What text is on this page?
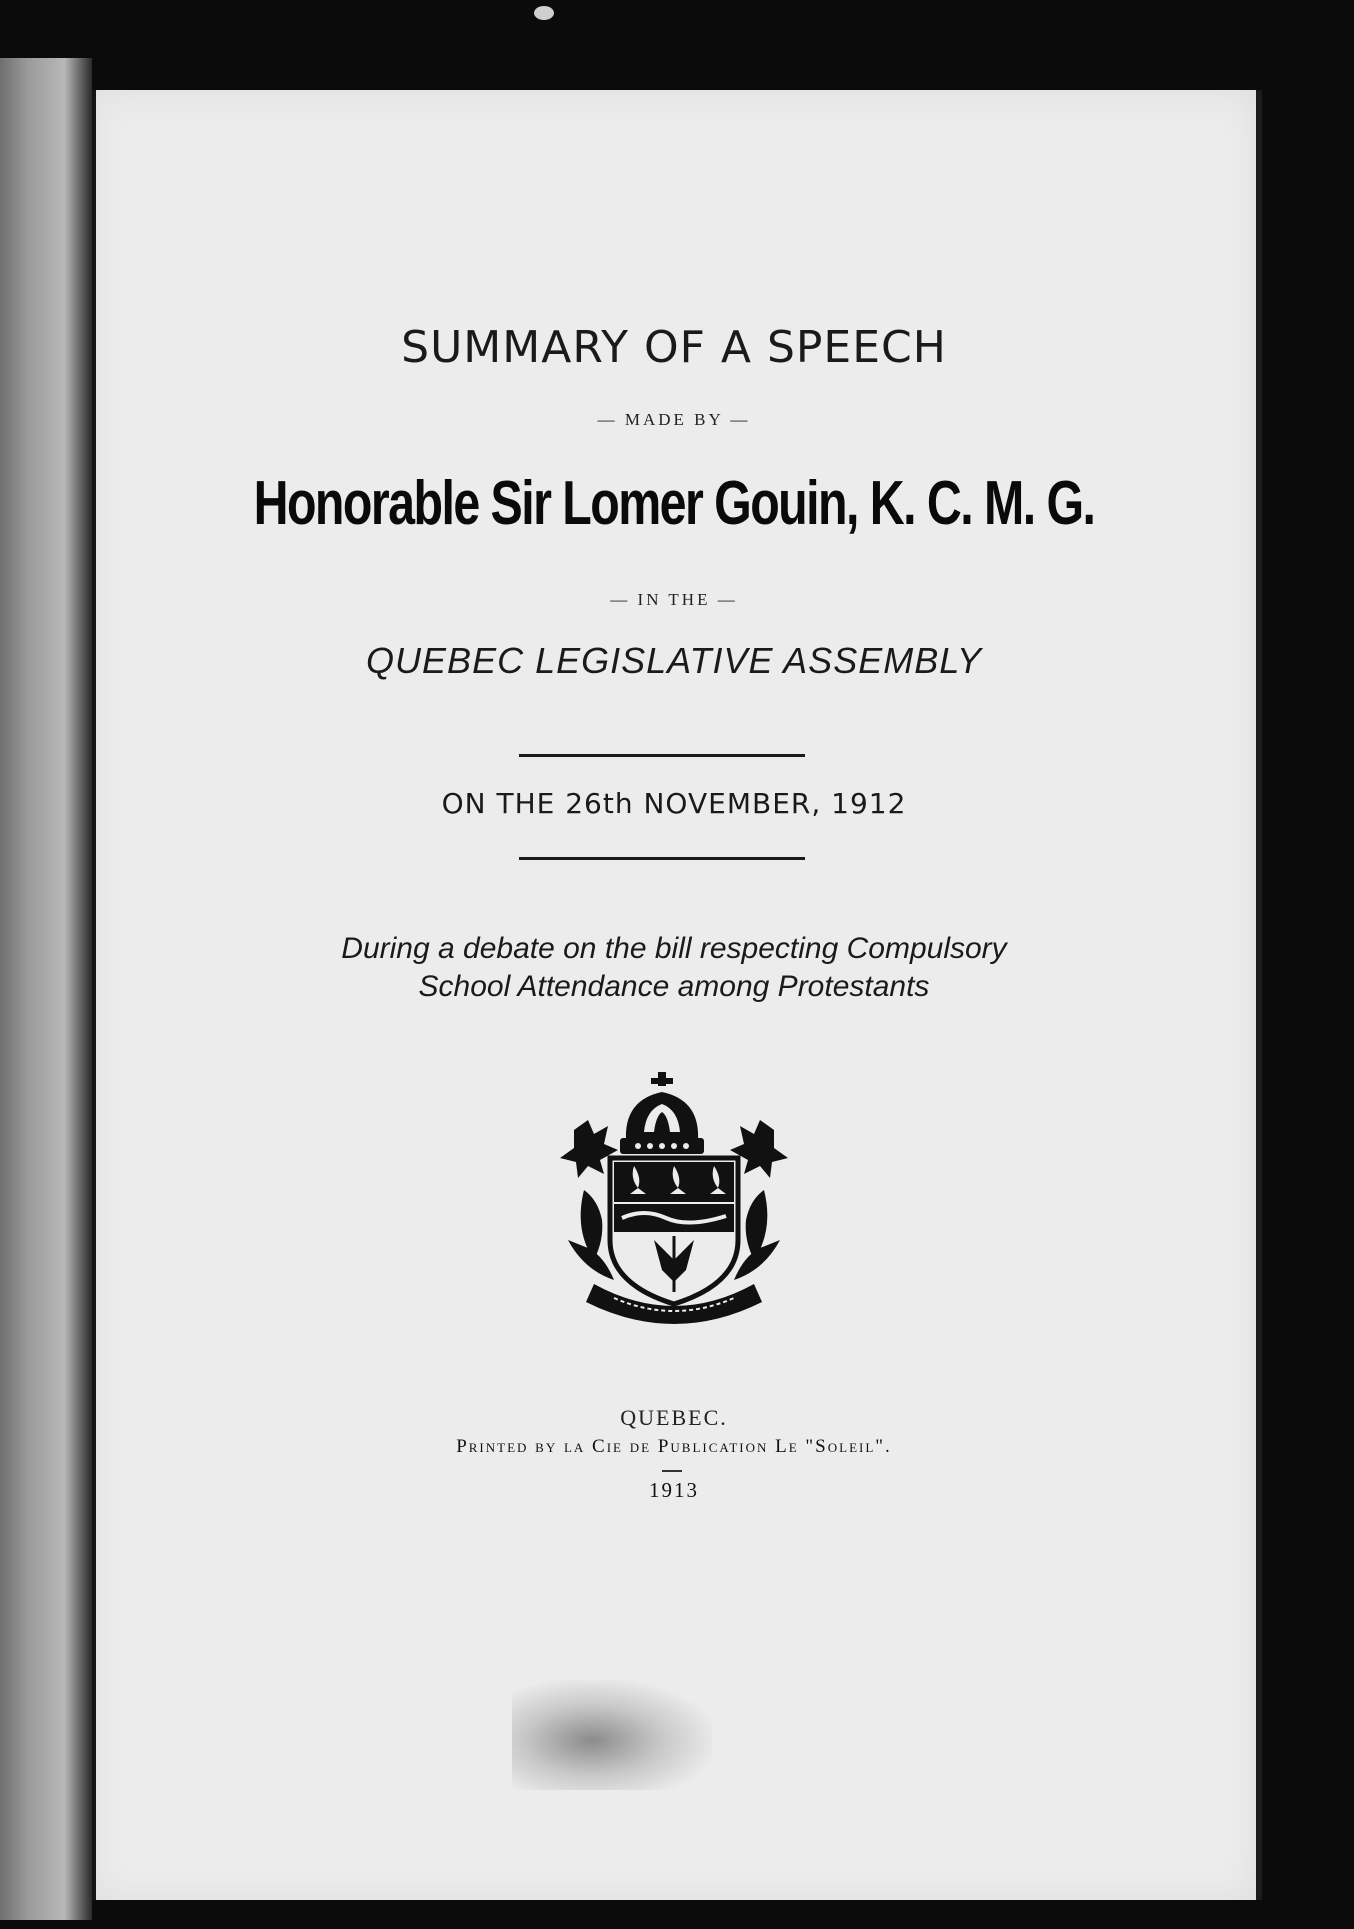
SUMMARY OF A SPEECH
— MADE BY —
Honorable Sir Lomer Gouin, K. C. M. G.
— IN THE —
QUEBEC LEGISLATIVE ASSEMBLY
ON THE 26th NOVEMBER, 1912
During a debate on the bill respecting Compulsory
School Attendance among Protestants
QUEBEC.
Printed by la Cie de Publication Le "Soleil".
1913
